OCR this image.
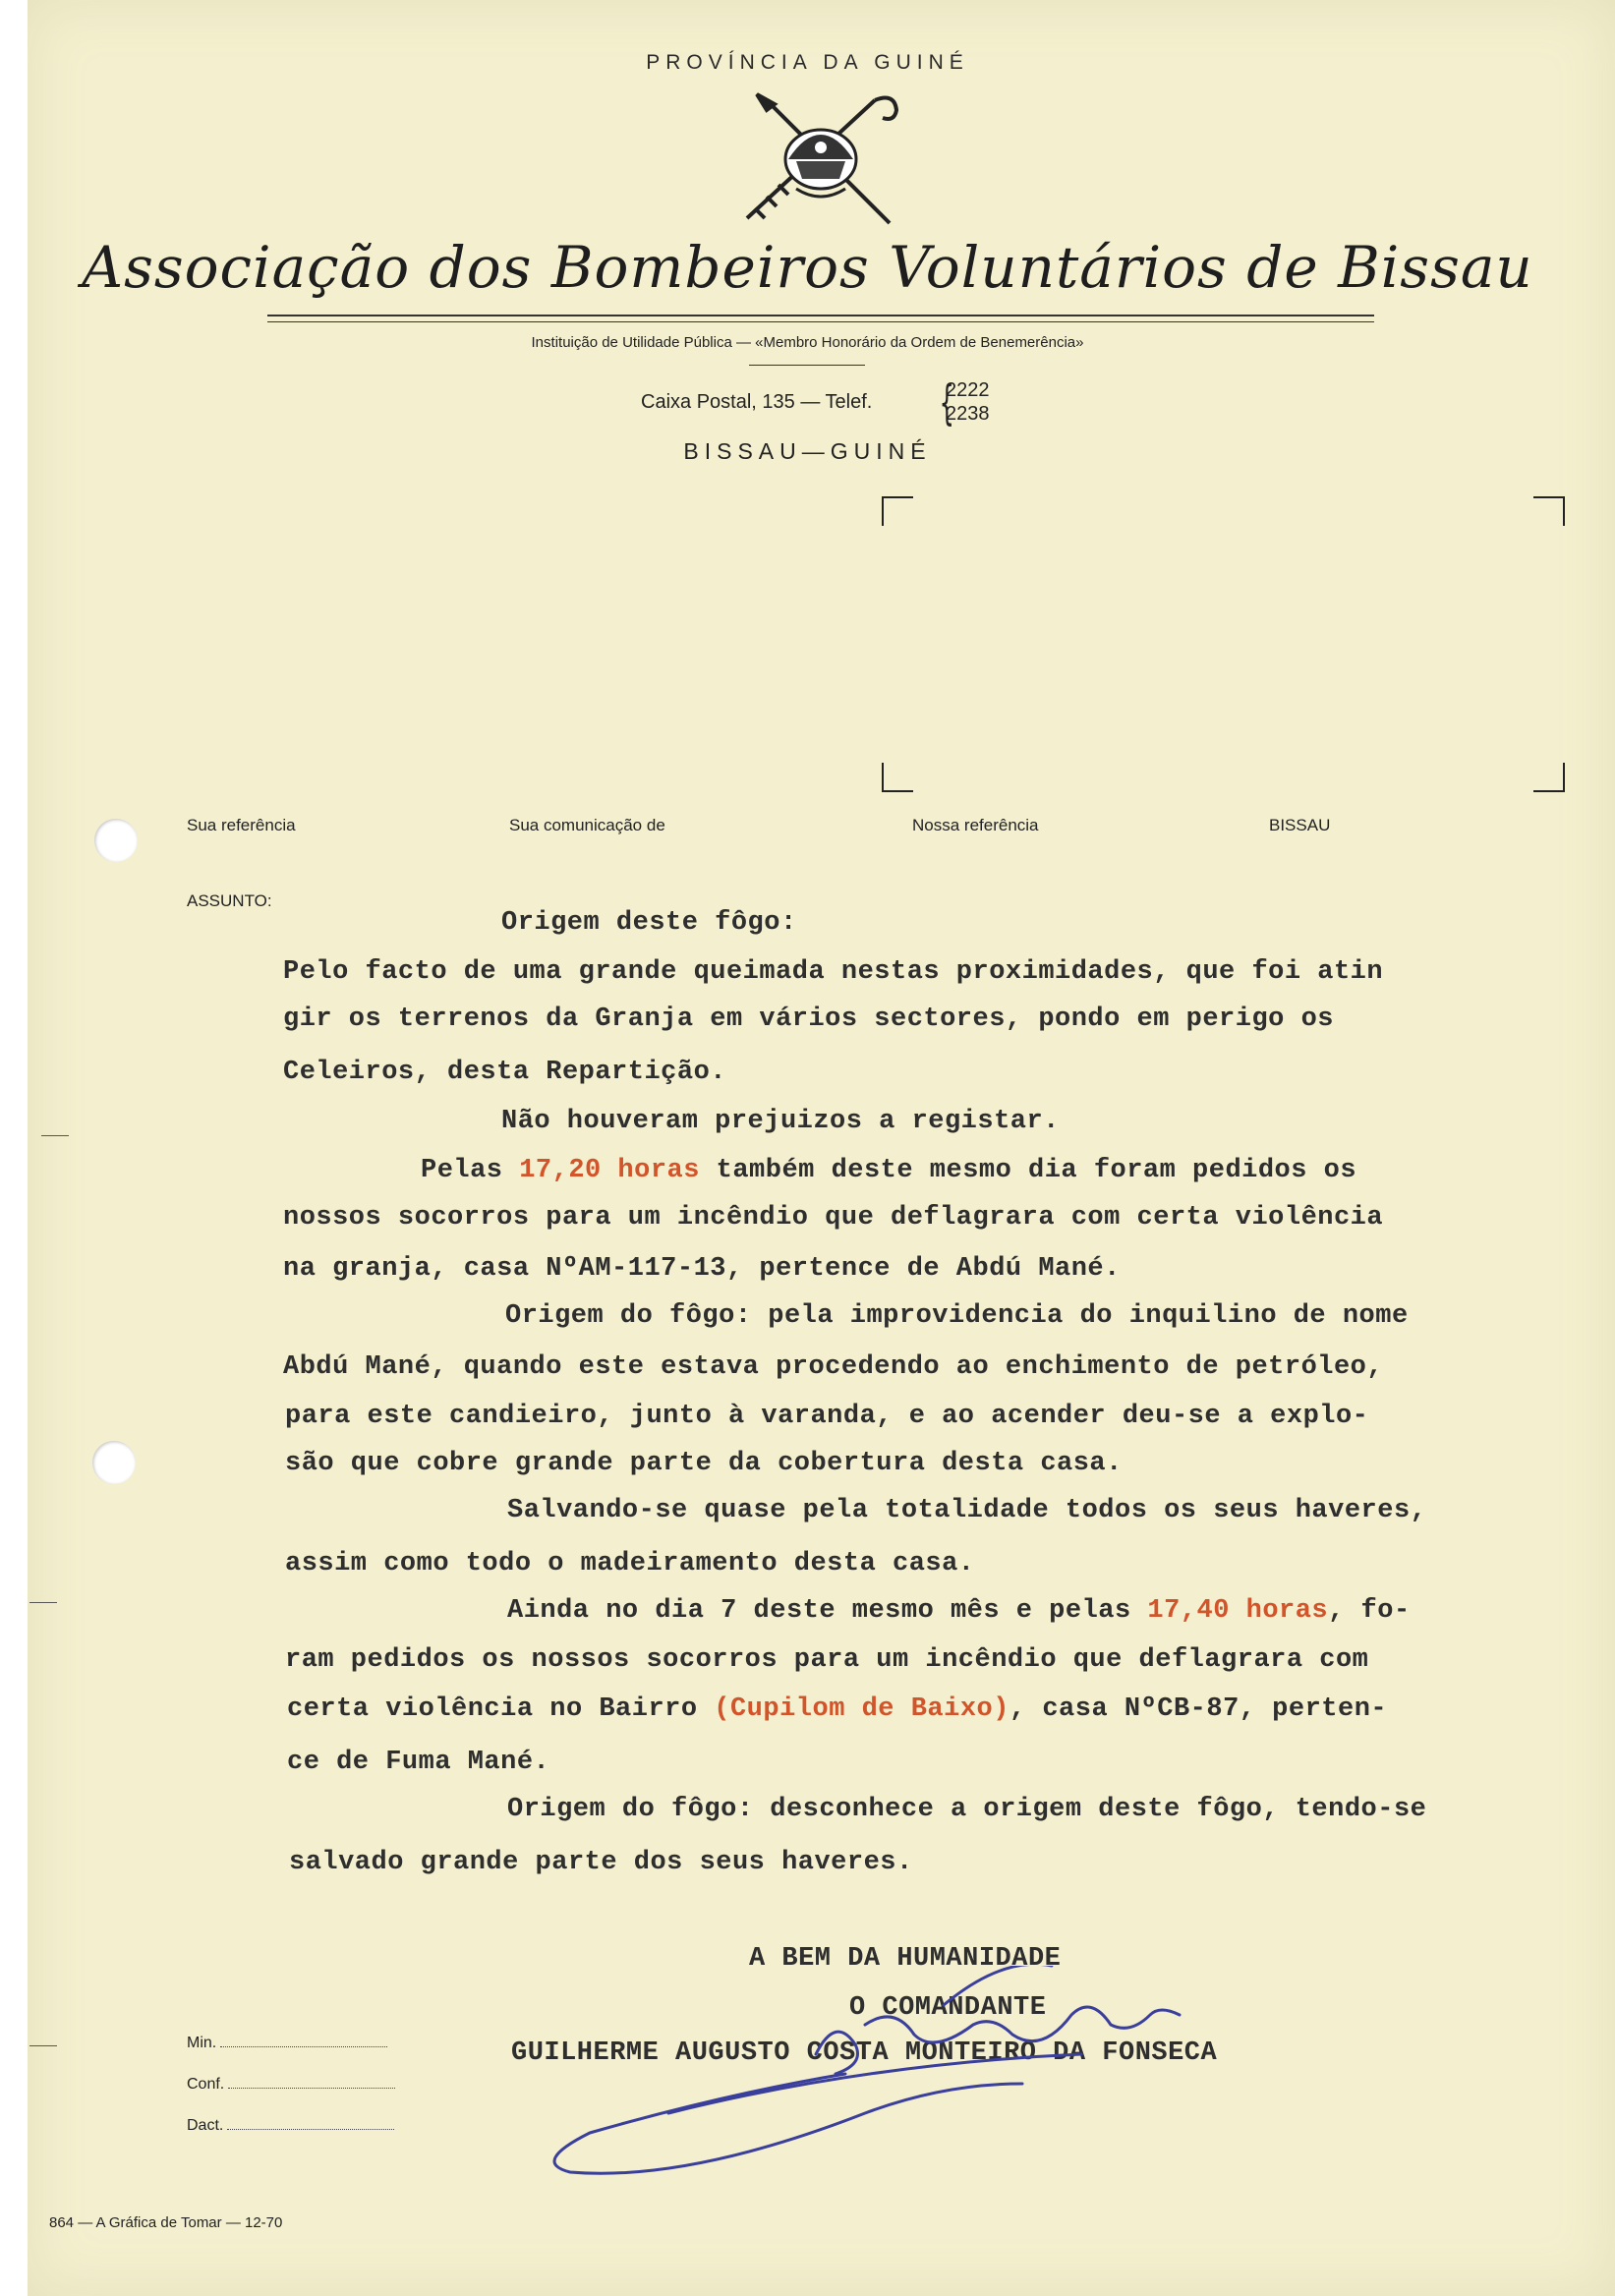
PROVÍNCIA DA GUINÉ
Associação dos Bombeiros Voluntários de Bissau
Instituição de Utilidade Pública — «Membro Honorário da Ordem de Benemerência»
Caixa Postal, 135 — Telef. {
2222
2238
BISSAU—GUINÉ
Sua referência	Sua comunicação de	Nossa referência	BISSAU
ASSUNTO:
Origem deste fôgo:
Pelo facto de uma grande queimada nestas proximidades, que foi atin
gir os terrenos da Granja em vários sectores, pondo em perigo os
Celeiros, desta Repartição.
Não houveram prejuizos a registar.
Pelas 17,20 horas também deste mesmo dia foram pedidos os
nossos socorros para um incêndio que deflagrara com certa violência
na granja, casa NºAM-117-13, pertence de Abdú Mané.
Origem do fôgo: pela improvidencia do inquilino de nome
Abdú Mané, quando este estava procedendo ao enchimento de petróleo,
para este candieiro, junto à varanda, e ao acender deu-se a explo-
são que cobre grande parte da cobertura desta casa.
Salvando-se quase pela totalidade todos os seus haveres,
assim como todo o madeiramento desta casa.
Ainda no dia 7 deste mesmo mês e pelas 17,40 horas, fo-
ram pedidos os nossos socorros para um incêndio que deflagrara com
certa violência no Bairro (Cupilom de Baixo), casa NºCB-87, perten-
ce de Fuma Mané.
Origem do fôgo: desconhece a origem deste fôgo, tendo-se
salvado grande parte dos seus haveres.
A BEM DA HUMANIDADE
O COMANDANTE
GUILHERME AUGUSTO COSTA MONTEIRO DA FONSECA
Min.
Conf.
Dact.
864 — A Gráfica de Tomar — 12-70
